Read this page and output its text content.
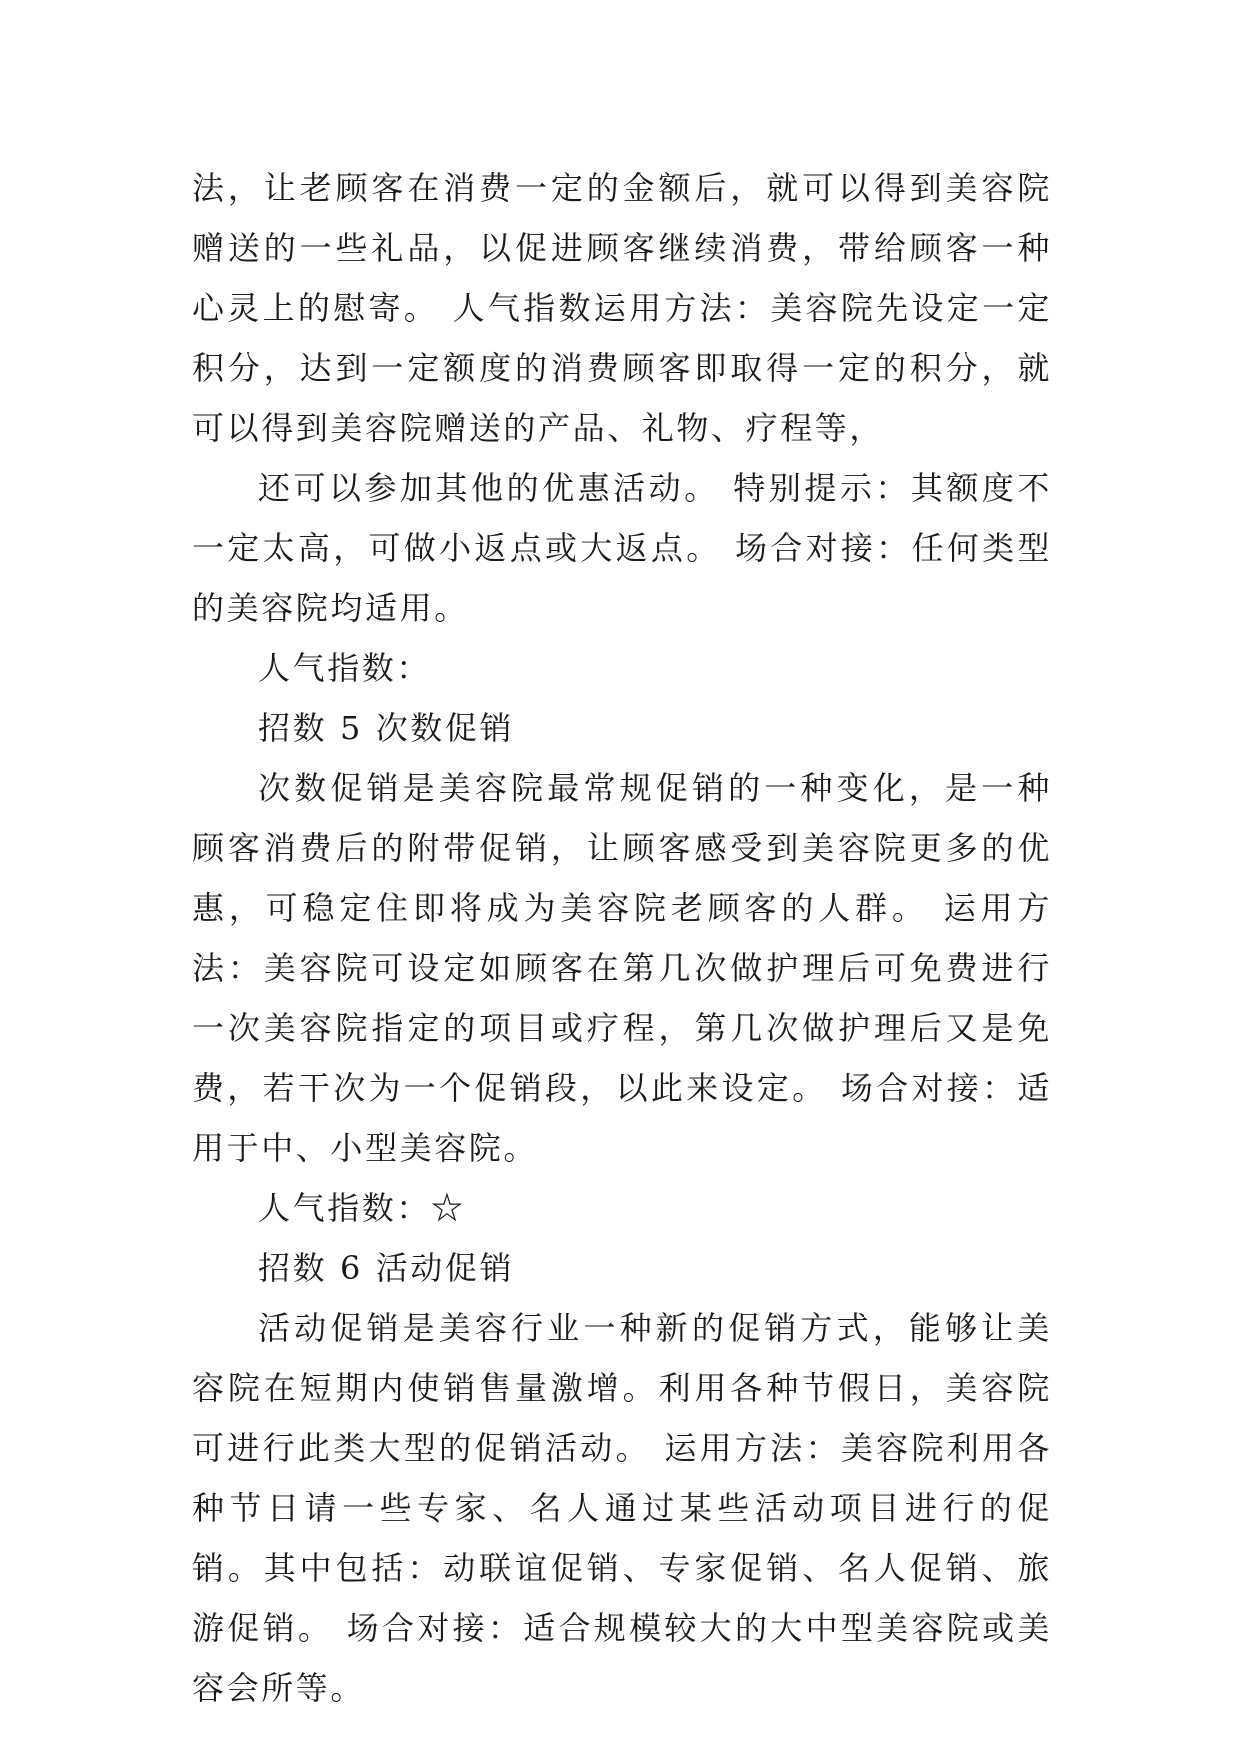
法，让老顾客在消费一定的金额后，就可以得到美容院赠送的一些礼品，以促进顾客继续消费，带给顾客一种心灵上的慰寄。 人气指数运用方法：美容院先设定一定积分，达到一定额度的消费顾客即取得一定的积分，就可以得到美容院赠送的产品、礼物、疗程等，

还可以参加其他的优惠活动。 特别提示：其额度不一定太高，可做小返点或大返点。 场合对接：任何类型的美容院均适用。

人气指数：

招数 5 次数促销

次数促销是美容院最常规促销的一种变化，是一种顾客消费后的附带促销，让顾客感受到美容院更多的优惠，可稳定住即将成为美容院老顾客的人群。 运用方法：美容院可设定如顾客在第几次做护理后可免费进行一次美容院指定的项目或疗程，第几次做护理后又是免费，若干次为一个促销段，以此来设定。 场合对接：适用于中、小型美容院。

人气指数：☆

招数 6 活动促销

活动促销是美容行业一种新的促销方式，能够让美容院在短期内使销售量激增。利用各种节假日，美容院可进行此类大型的促销活动。 运用方法：美容院利用各种节日请一些专家、名人通过某些活动项目进行的促销。其中包括：动联谊促销、专家促销、名人促销、旅游促销。 场合对接：适合规模较大的大中型美容院或美容会所等。
